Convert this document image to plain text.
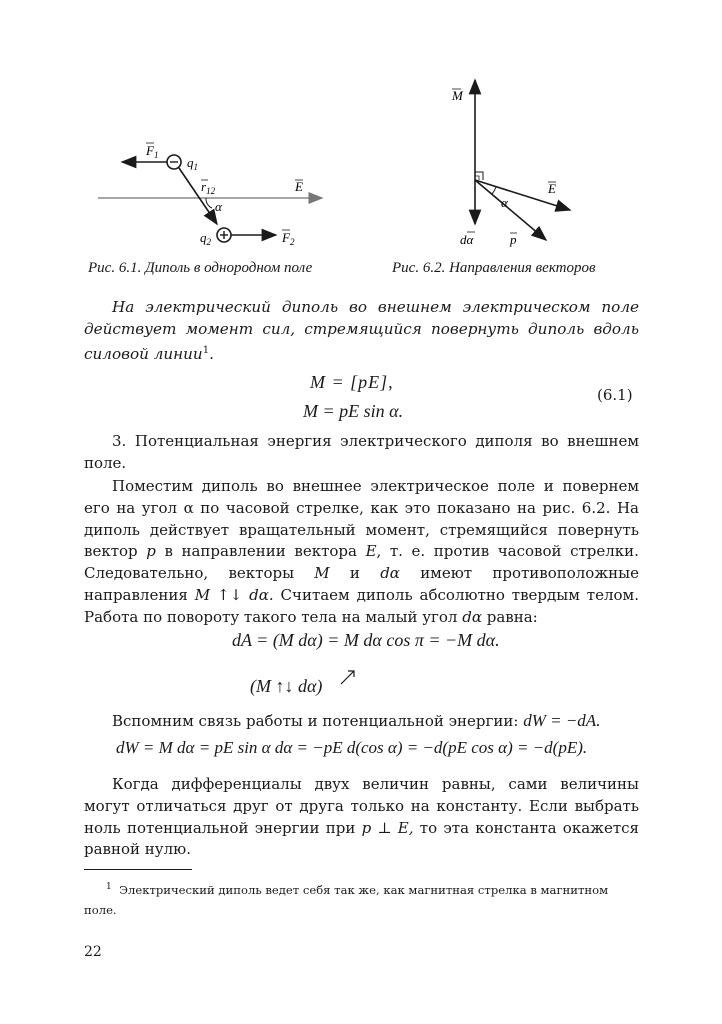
$F_1$ $q_1$
$r_{12}$
α
E
$q_2$	$F_2$
Рис. 6.1. Диполь в однородном поле
M
E
α
dα	p
Рис. 6.2. Направления векторов
На электрический диполь во внешнем электрическом поле действует момент сил, стремящийся повернуть диполь вдоль силовой линии$^1$.
M = [pE],
M = pE sin α.
(6.1)
3. Потенциальная энергия электрического диполя во внешнем поле.
Поместим диполь во внешнее электрическое поле и повернем его на угол α по часовой стрелке, как это показано на рис. 6.2. На диполь действует вращательный момент, стремящийся повернуть вектор p в направлении вектора E, т. е. против часовой стрелки. Следовательно, векторы M и dα имеют противоположные направления M ↑↓ dα. Считаем диполь абсолютно твердым телом. Работа по повороту такого тела на малый угол dα равна:
dA = (M dα) = M dα cos π = −M dα.
(M ↑↓ dα)
Вспомним связь работы и потенциальной энергии: dW = −dA.
dW = M dα = pE sin α dα = −pE d(cos α) = −d(pE cos α) = −d(pE).
Когда дифференциалы двух величин равны, сами величины могут отличаться друг от друга только на константу. Если выбрать ноль потенциальной энергии при p ⊥ E, то эта константа окажется равной нулю.
$^1$ Электрический диполь ведет себя так же, как магнитная стрелка в магнитном поле.
22
